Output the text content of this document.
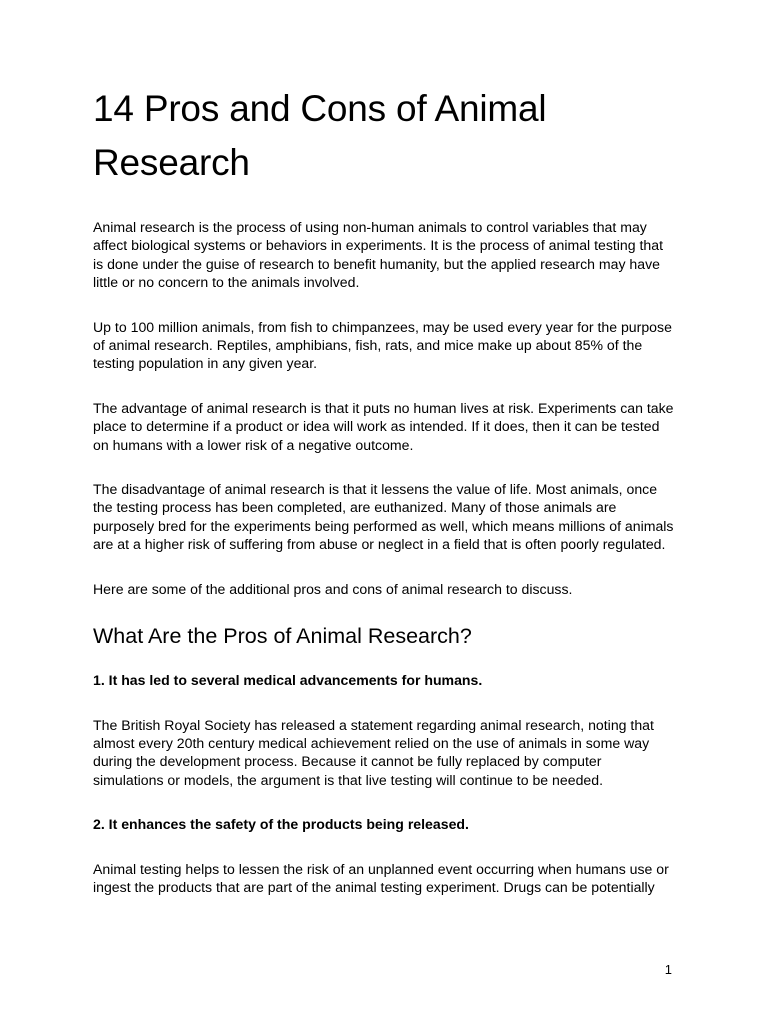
14 Pros and Cons of Animal Research

Animal research is the process of using non-human animals to control variables that may affect biological systems or behaviors in experiments. It is the process of animal testing that is done under the guise of research to benefit humanity, but the applied research may have little or no concern to the animals involved.

Up to 100 million animals, from fish to chimpanzees, may be used every year for the purpose of animal research. Reptiles, amphibians, fish, rats, and mice make up about 85% of the testing population in any given year.

The advantage of animal research is that it puts no human lives at risk. Experiments can take place to determine if a product or idea will work as intended. If it does, then it can be tested on humans with a lower risk of a negative outcome.

The disadvantage of animal research is that it lessens the value of life. Most animals, once the testing process has been completed, are euthanized. Many of those animals are purposely bred for the experiments being performed as well, which means millions of animals are at a higher risk of suffering from abuse or neglect in a field that is often poorly regulated.

Here are some of the additional pros and cons of animal research to discuss.

What Are the Pros of Animal Research?

1. It has led to several medical advancements for humans.

The British Royal Society has released a statement regarding animal research, noting that almost every 20th century medical achievement relied on the use of animals in some way during the development process. Because it cannot be fully replaced by computer simulations or models, the argument is that live testing will continue to be needed.

2. It enhances the safety of the products being released.

Animal testing helps to lessen the risk of an unplanned event occurring when humans use or ingest the products that are part of the animal testing experiment. Drugs can be potentially

1
